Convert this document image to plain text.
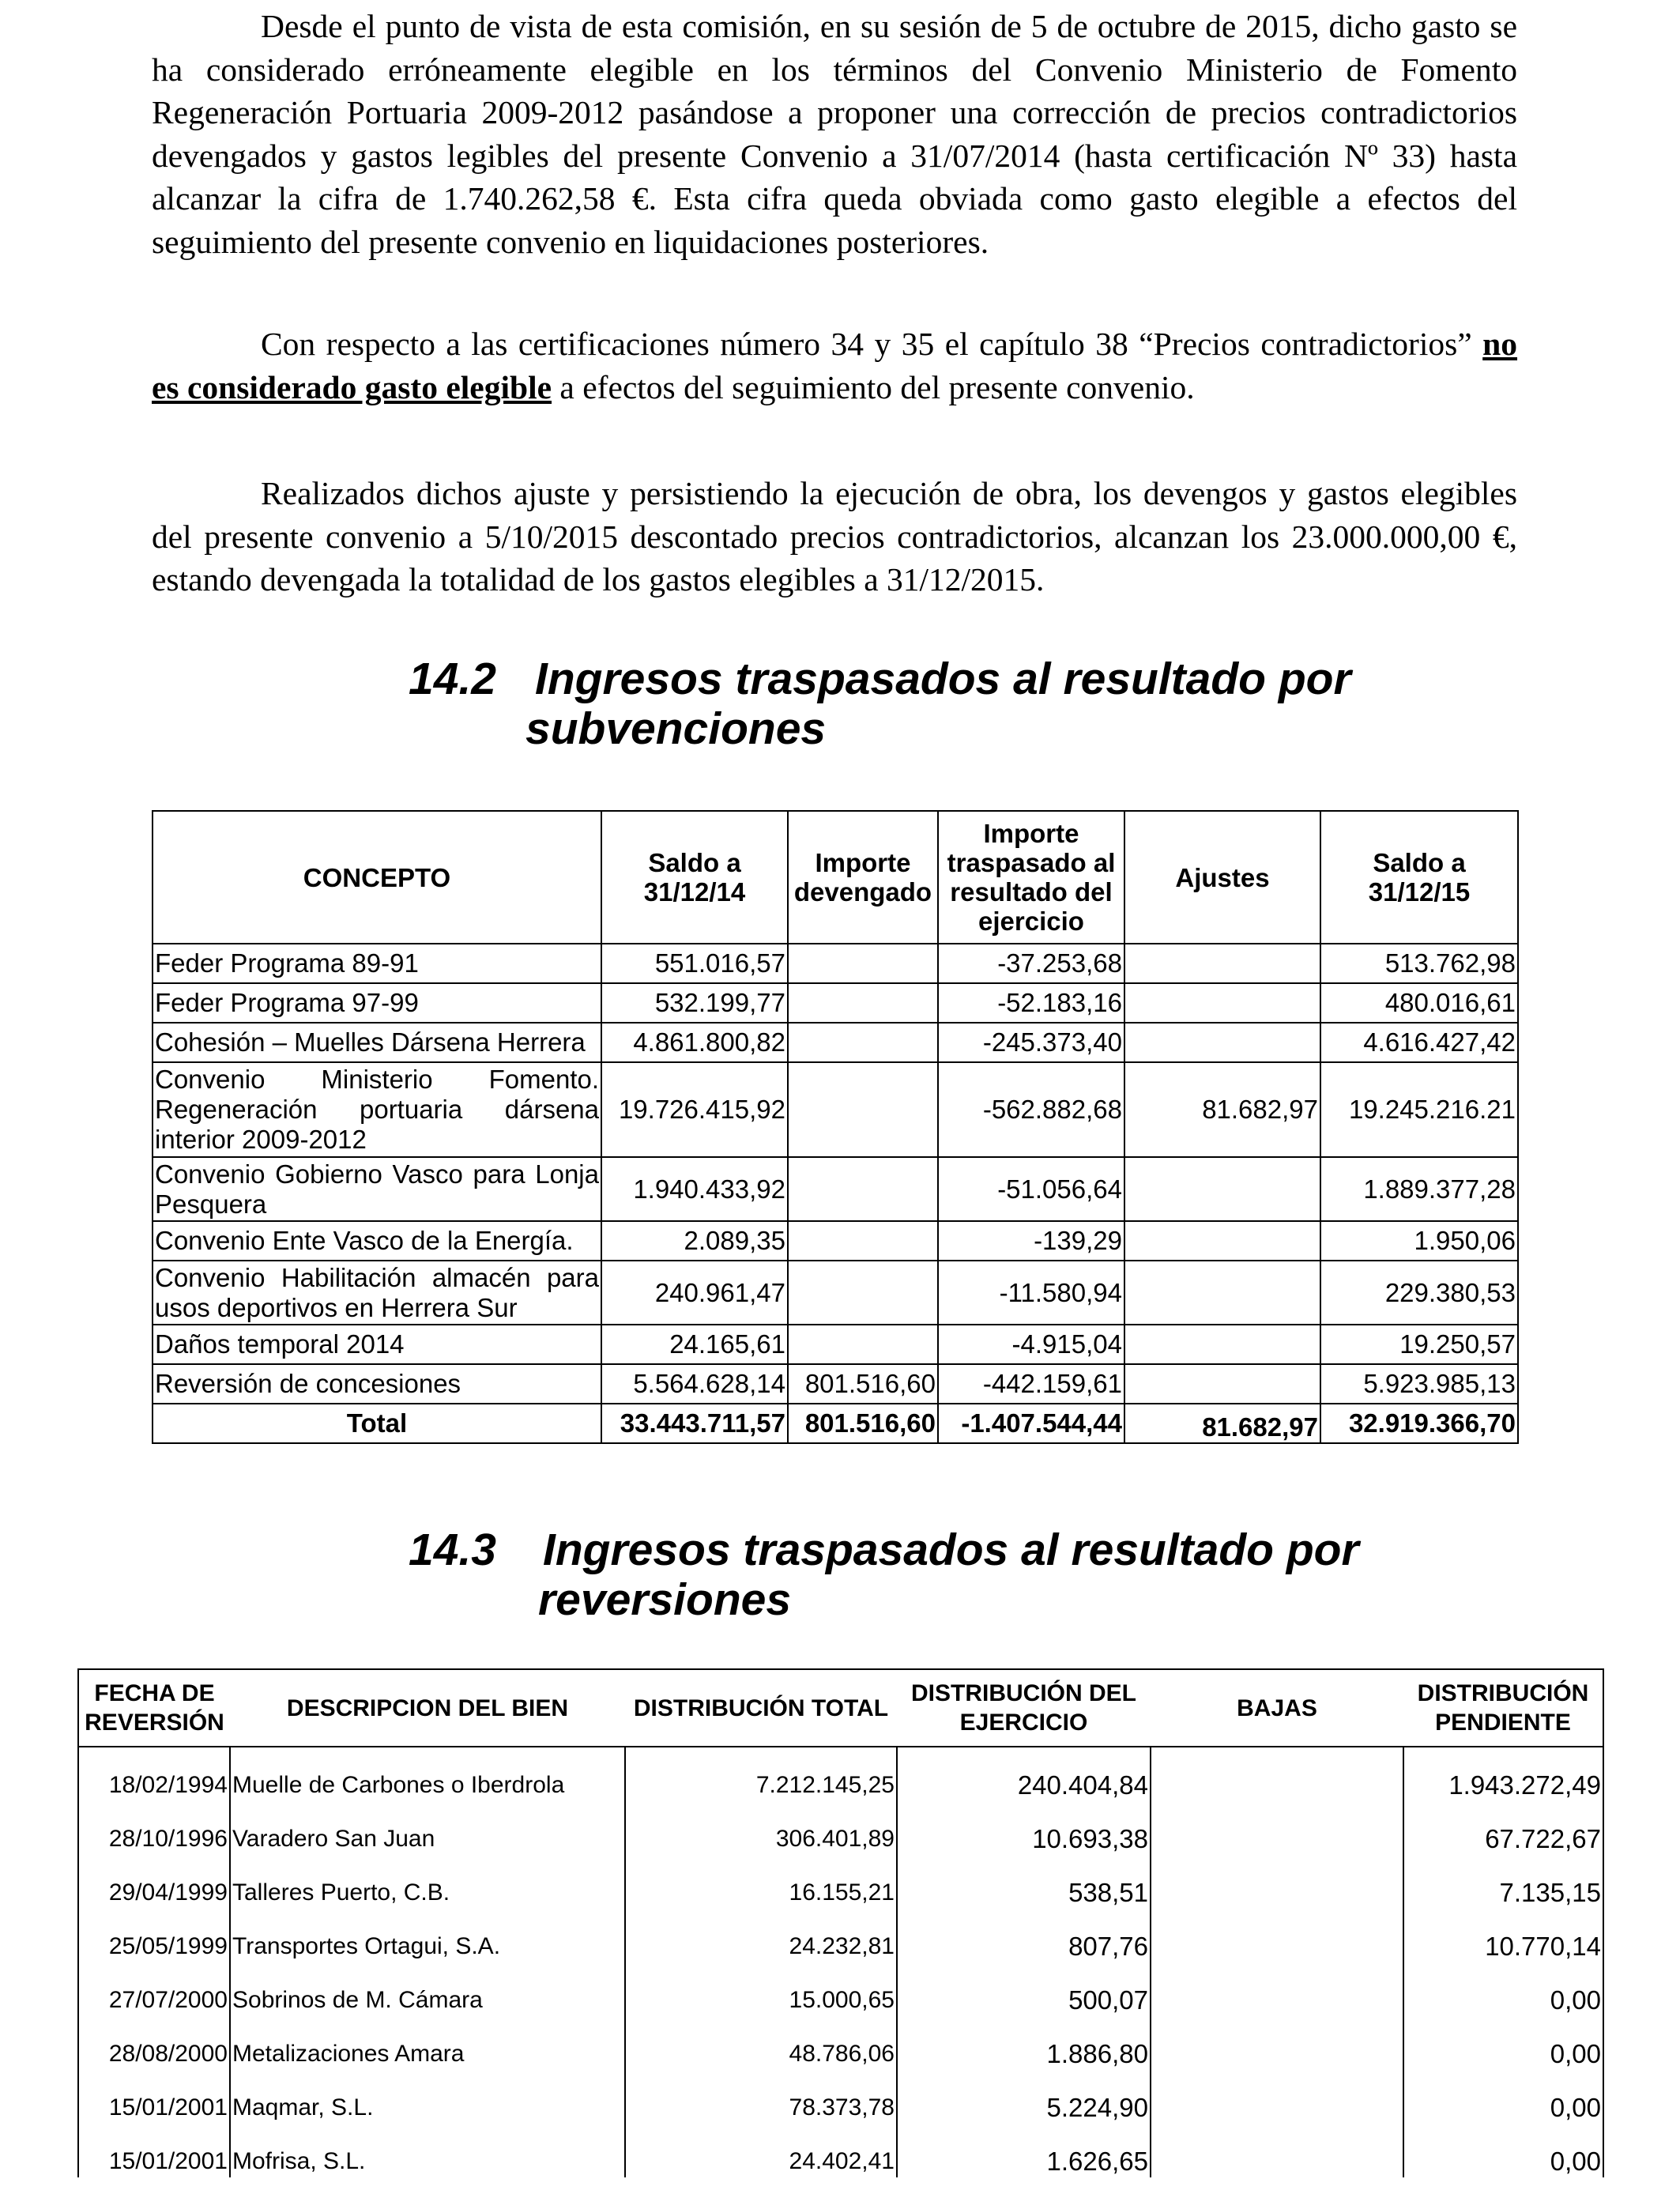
Desde el punto de vista de esta comisión, en su sesión de 5 de octubre de 2015, dicho gasto se ha considerado erróneamente elegible en los términos del Convenio Ministerio de Fomento Regeneración Portuaria 2009-2012 pasándose a proponer una corrección de precios contradictorios devengados y gastos legibles del presente Convenio a 31/07/2014 (hasta certificación Nº 33) hasta alcanzar la cifra de 1.740.262,58 €. Esta cifra queda obviada como gasto elegible a efectos del seguimiento del presente convenio en liquidaciones posteriores.

Con respecto a las certificaciones número 34 y 35 el capítulo 38 “Precios contradictorios” no es considerado gasto elegible a efectos del seguimiento del presente convenio.

Realizados dichos ajuste y persistiendo la ejecución de obra, los devengos y gastos elegibles del presente convenio a 5/10/2015 descontado precios contradictorios, alcanzan los 23.000.000,00 €, estando devengada la totalidad de los gastos elegibles a 31/12/2015.

14.2 Ingresos traspasados al resultado por
subvenciones
CONCEPTO	Saldo a 31/12/14	Importe devengado	Importe traspasado al resultado del ejercicio	Ajustes	Saldo a 31/12/15
Feder Programa 89-91	551.016,57		-37.253,68		513.762,98
Feder Programa 97-99	532.199,77		-52.183,16		480.016,61
Cohesión – Muelles Dársena Herrera	4.861.800,82		-245.373,40		4.616.427,42
Convenio Ministerio Fomento. Regeneración portuaria dársena interior 2009-2012	19.726.415,92		-562.882,68	81.682,97	19.245.216.21
Convenio Gobierno Vasco para Lonja Pesquera	1.940.433,92		-51.056,64		1.889.377,28
Convenio Ente Vasco de la Energía.	2.089,35		-139,29		1.950,06
Convenio Habilitación almacén para usos deportivos en Herrera Sur	240.961,47		-11.580,94		229.380,53
Daños temporal 2014	24.165,61		-4.915,04		19.250,57
Reversión de concesiones	5.564.628,14	801.516,60	-442.159,61		5.923.985,13
Total	33.443.711,57	801.516,60	-1.407.544,44	81.682,97	32.919.366,70
14.3 Ingresos traspasados al resultado por
reversiones
FECHA DE REVERSIÓN	DESCRIPCION DEL BIEN	DISTRIBUCIÓN TOTAL	DISTRIBUCIÓN DEL EJERCICIO	BAJAS	DISTRIBUCIÓN PENDIENTE
18/02/1994	Muelle de Carbones o Iberdrola	7.212.145,25	240.404,84		1.943.272,49
28/10/1996	Varadero San Juan	306.401,89	10.693,38		67.722,67
29/04/1999	Talleres Puerto, C.B.	16.155,21	538,51		7.135,15
25/05/1999	Transportes Ortagui, S.A.	24.232,81	807,76		10.770,14
27/07/2000	Sobrinos de M. Cámara	15.000,65	500,07		0,00
28/08/2000	Metalizaciones Amara	48.786,06	1.886,80		0,00
15/01/2001	Maqmar, S.L.	78.373,78	5.224,90		0,00
15/01/2001	Mofrisa, S.L.	24.402,41	1.626,65		0,00
